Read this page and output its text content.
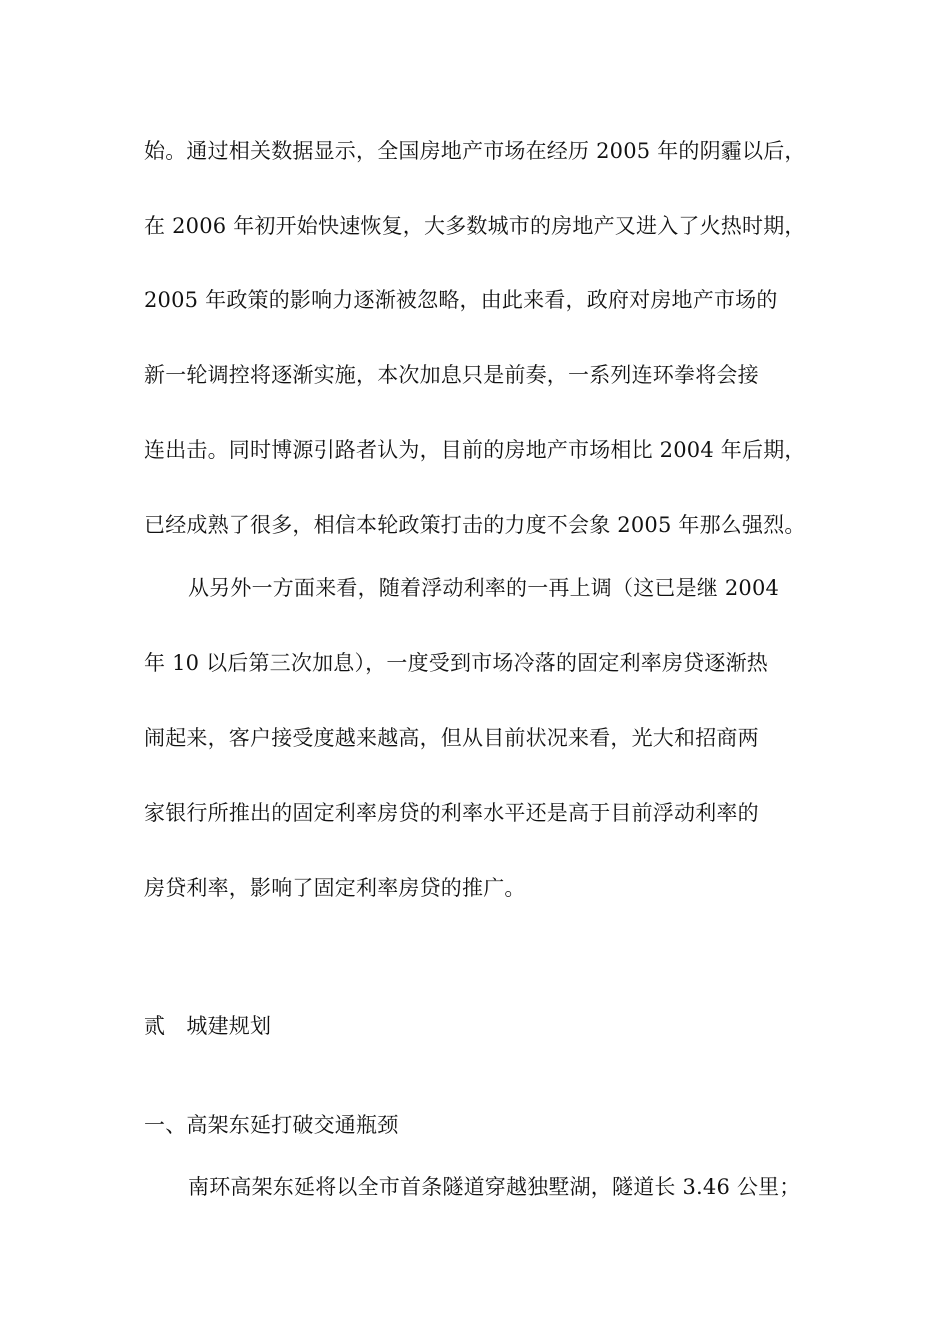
始。通过相关数据显示，全国房地产市场在经历 2005 年的阴霾以后，
在 2006 年初开始快速恢复，大多数城市的房地产又进入了火热时期，
2005 年政策的影响力逐渐被忽略，由此来看，政府对房地产市场的
新一轮调控将逐渐实施，本次加息只是前奏，一系列连环拳将会接
连出击。同时博源引路者认为，目前的房地产市场相比 2004 年后期，
已经成熟了很多，相信本轮政策打击的力度不会象 2005 年那么强烈。
从另外一方面来看，随着浮动利率的一再上调（这已是继 2004
年 10 以后第三次加息），一度受到市场冷落的固定利率房贷逐渐热
闹起来，客户接受度越来越高，但从目前状况来看，光大和招商两
家银行所推出的固定利率房贷的利率水平还是高于目前浮动利率的
房贷利率，影响了固定利率房贷的推广。
贰　城建规划
一、高架东延打破交通瓶颈
南环高架东延将以全市首条隧道穿越独墅湖，隧道长 3.46 公里；
